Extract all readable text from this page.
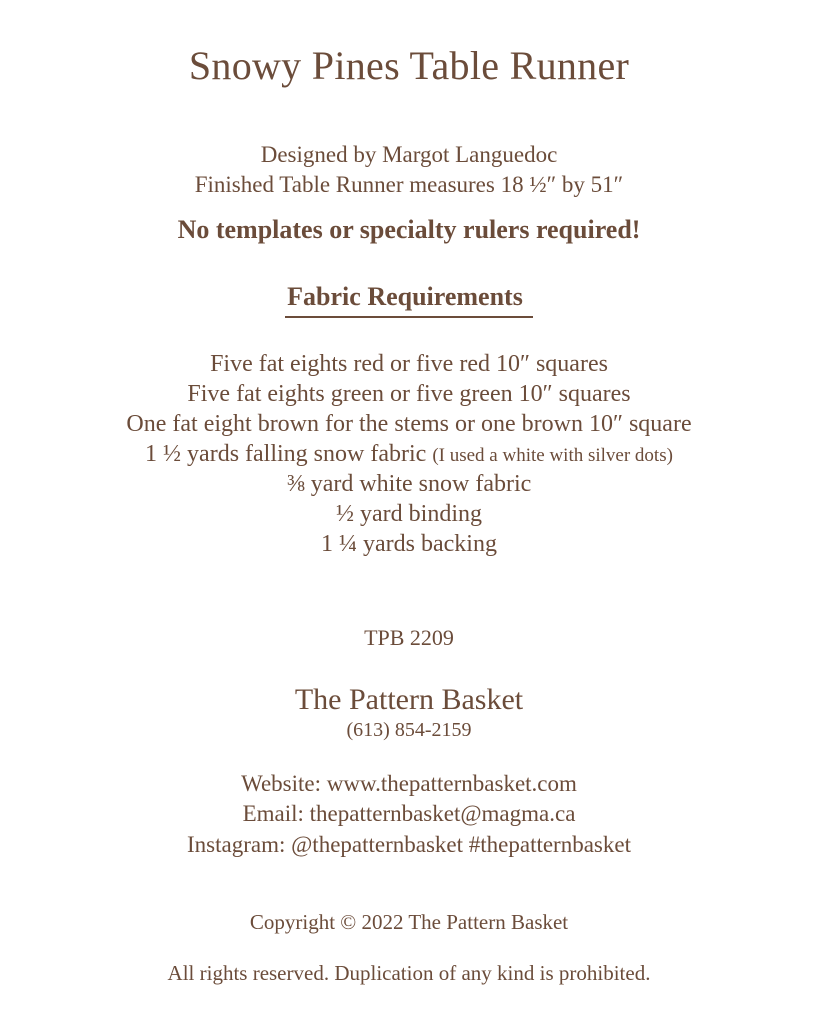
Snowy Pines Table Runner
Designed by Margot Languedoc
Finished Table Runner measures 18 ½″ by 51″
No templates or specialty rulers required!
Fabric Requirements
Five fat eights red or five red 10″ squares
Five fat eights green or five green 10″ squares
One fat eight brown for the stems or one brown 10″ square
1 ½ yards falling snow fabric (I used a white with silver dots)
⅜ yard white snow fabric
½ yard binding
1 ¼ yards backing
TPB 2209
The Pattern Basket
(613) 854-2159
Website: www.thepatternbasket.com
Email: thepatternbasket@magma.ca
Instagram: @thepatternbasket #thepatternbasket
Copyright © 2022 The Pattern Basket
All rights reserved. Duplication of any kind is prohibited.
